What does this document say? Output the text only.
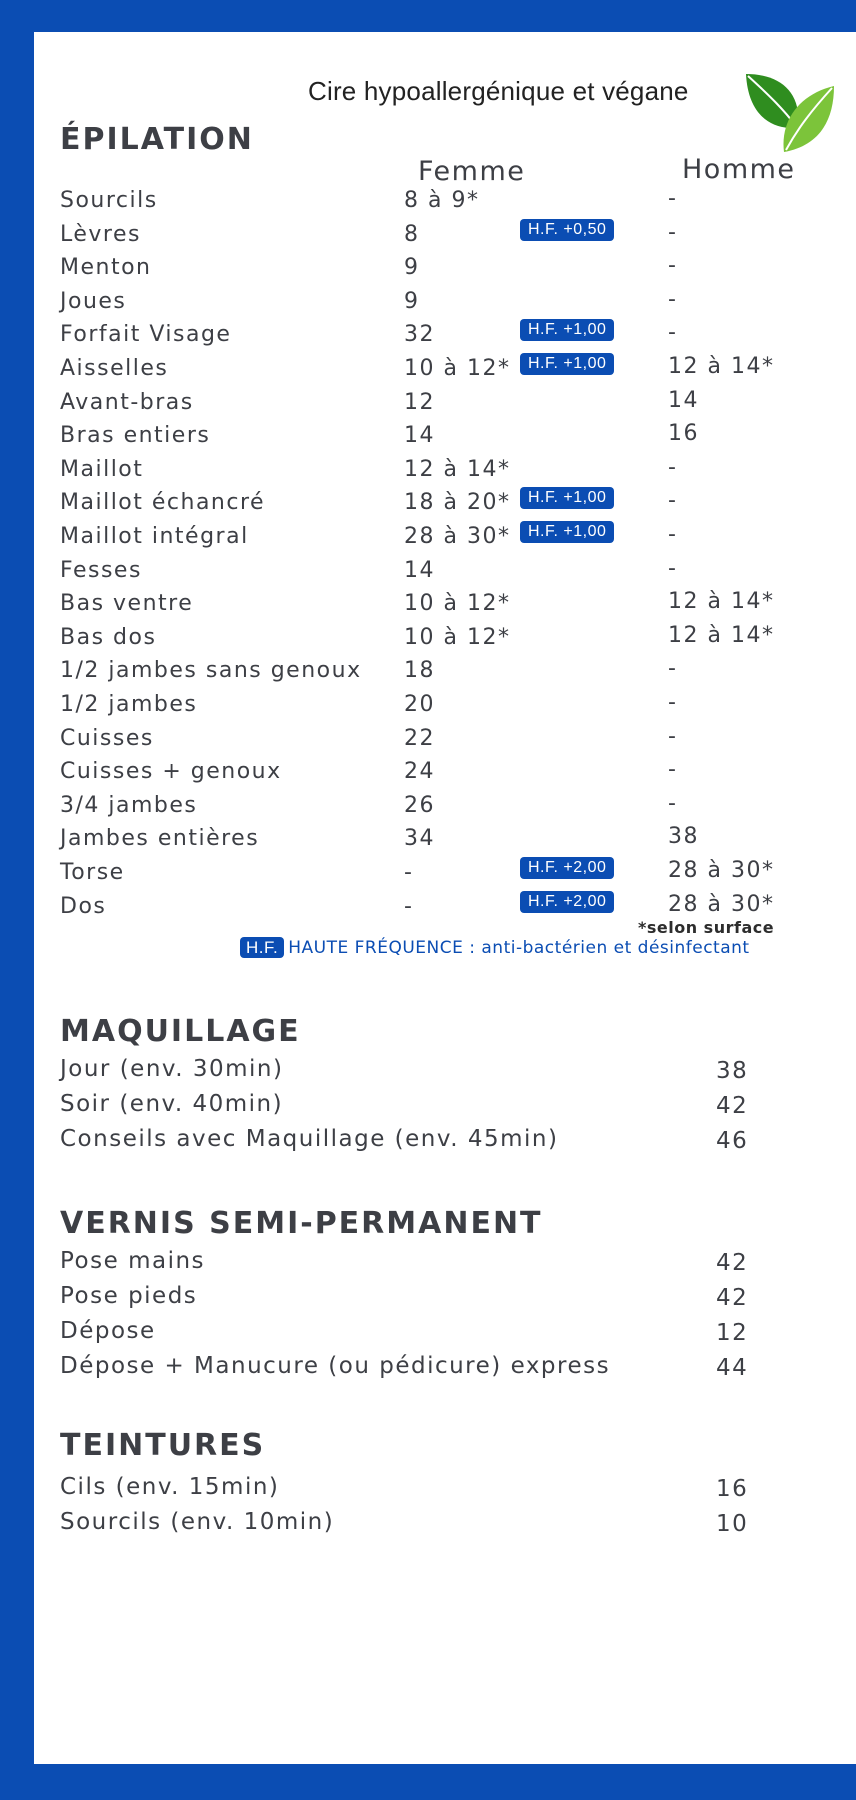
Cire hypoallergénique et végane
ÉPILATION
Femme	Homme
Sourcils	8 à 9*	-
Lèvres	8	H.F. +0,50	-
Menton	9	-
Joues	9	-
Forfait Visage	32	H.F. +1,00	-
Aisselles	10 à 12*	H.F. +1,00	12 à 14*
Avant-bras	12	14
Bras entiers	14	16
Maillot	12 à 14*	-
Maillot échancré	18 à 20*	H.F. +1,00	-
Maillot intégral	28 à 30*	H.F. +1,00	-
Fesses	14	-
Bas ventre	10 à 12*	12 à 14*
Bas dos	10 à 12*	12 à 14*
1/2 jambes sans genoux 18	-
1/2 jambes	20	-
Cuisses	22	-
Cuisses + genoux	24	-
3/4 jambes	26	-
Jambes entières	34	38
Torse	-	H.F. +2,00	28 à 30*
Dos	-	H.F. +2,00	28 à 30*
*selon surface
H.F. HAUTE FRÉQUENCE : anti-bactérien et désinfectant
MAQUILLAGE
Jour (env. 30min)	38
Soir (env. 40min)	42
Conseils avec Maquillage (env. 45min)	46
VERNIS SEMI-PERMANENT
Pose mains	42
Pose pieds	42
Dépose	12
Dépose + Manucure (ou pédicure) express	44
TEINTURES
Cils (env. 15min)	16
Sourcils (env. 10min)	10
